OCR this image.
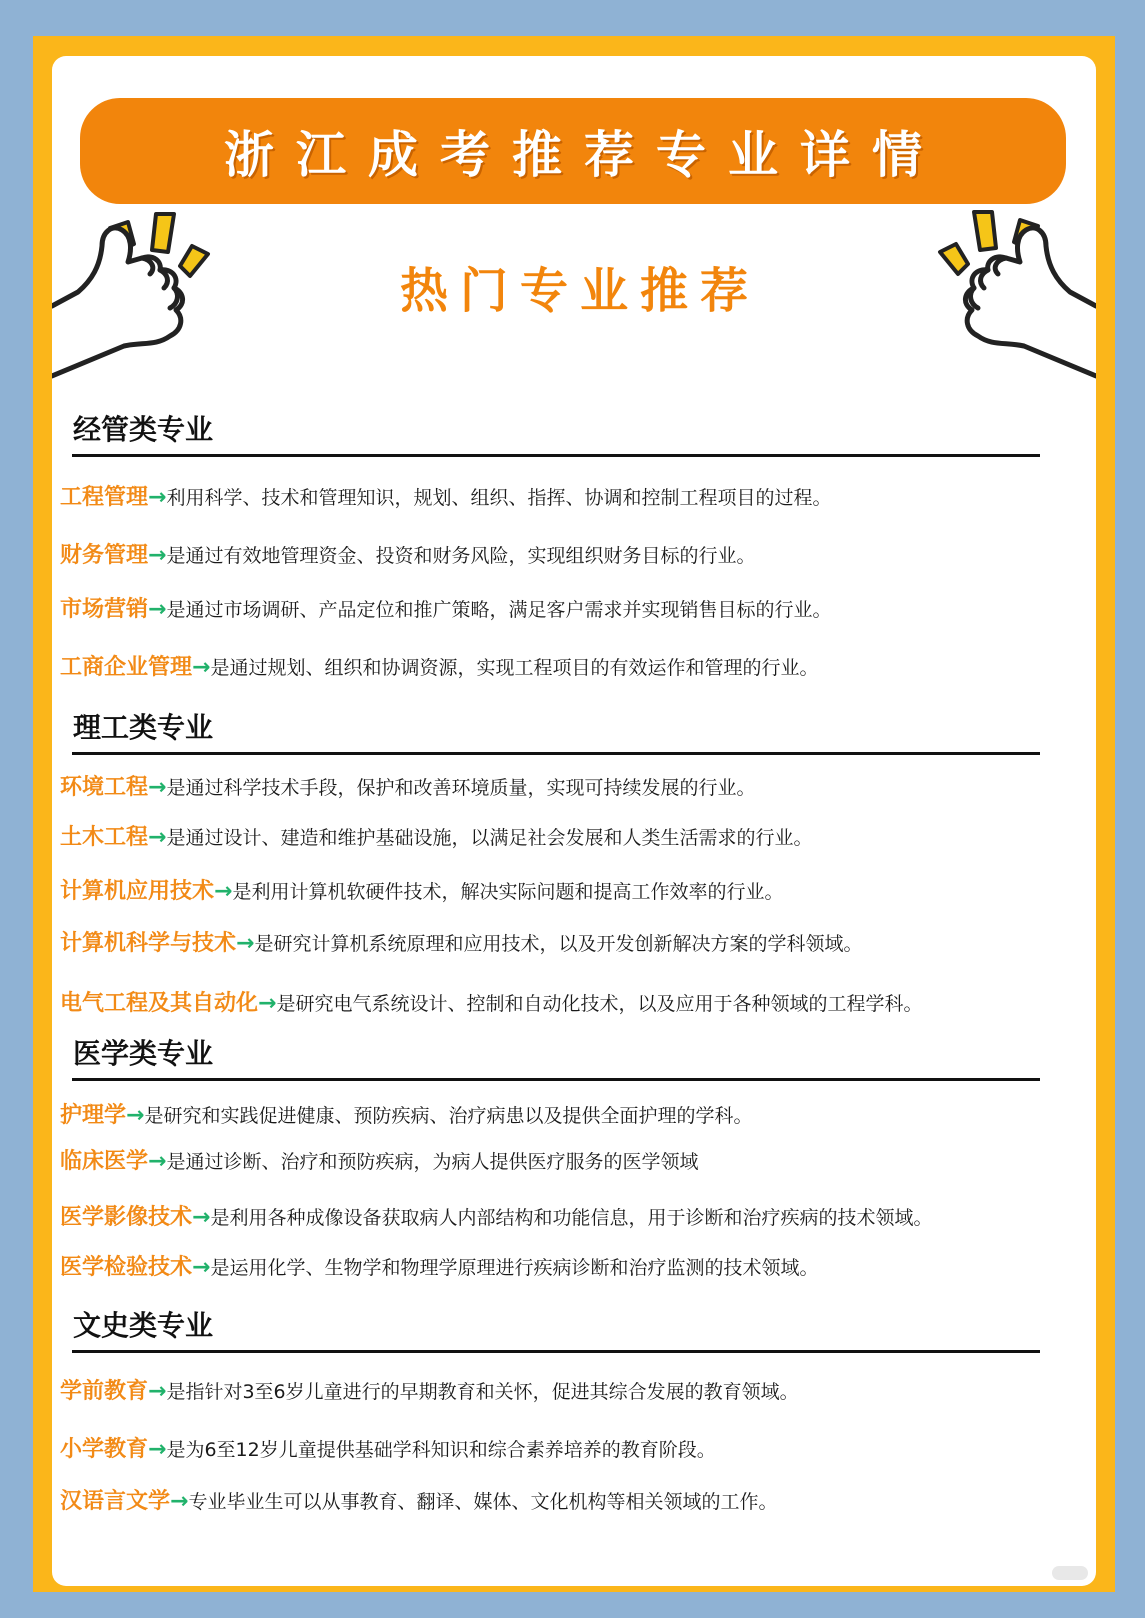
浙江成考推荐专业详情
热门专业推荐
经管类专业
工程管理→利用科学、技术和管理知识，规划、组织、指挥、协调和控制工程项目的过程。
财务管理→是通过有效地管理资金、投资和财务风险，实现组织财务目标的行业。
市场营销→是通过市场调研、产品定位和推广策略，满足客户需求并实现销售目标的行业。
工商企业管理→是通过规划、组织和协调资源，实现工程项目的有效运作和管理的行业。
理工类专业
环境工程→是通过科学技术手段，保护和改善环境质量，实现可持续发展的行业。
土木工程→是通过设计、建造和维护基础设施，以满足社会发展和人类生活需求的行业。
计算机应用技术→是利用计算机软硬件技术，解决实际问题和提高工作效率的行业。
计算机科学与技术→是研究计算机系统原理和应用技术，以及开发创新解决方案的学科领域。
电气工程及其自动化→是研究电气系统设计、控制和自动化技术，以及应用于各种领域的工程学科。
医学类专业
护理学→是研究和实践促进健康、预防疾病、治疗病患以及提供全面护理的学科。
临床医学→是通过诊断、治疗和预防疾病，为病人提供医疗服务的医学领域
医学影像技术→是利用各种成像设备获取病人内部结构和功能信息，用于诊断和治疗疾病的技术领域。
医学检验技术→是运用化学、生物学和物理学原理进行疾病诊断和治疗监测的技术领域。
文史类专业
学前教育→是指针对3至6岁儿童进行的早期教育和关怀，促进其综合发展的教育领域。
小学教育→是为6至12岁儿童提供基础学科知识和综合素养培养的教育阶段。
汉语言文学→专业毕业生可以从事教育、翻译、媒体、文化机构等相关领域的工作。
